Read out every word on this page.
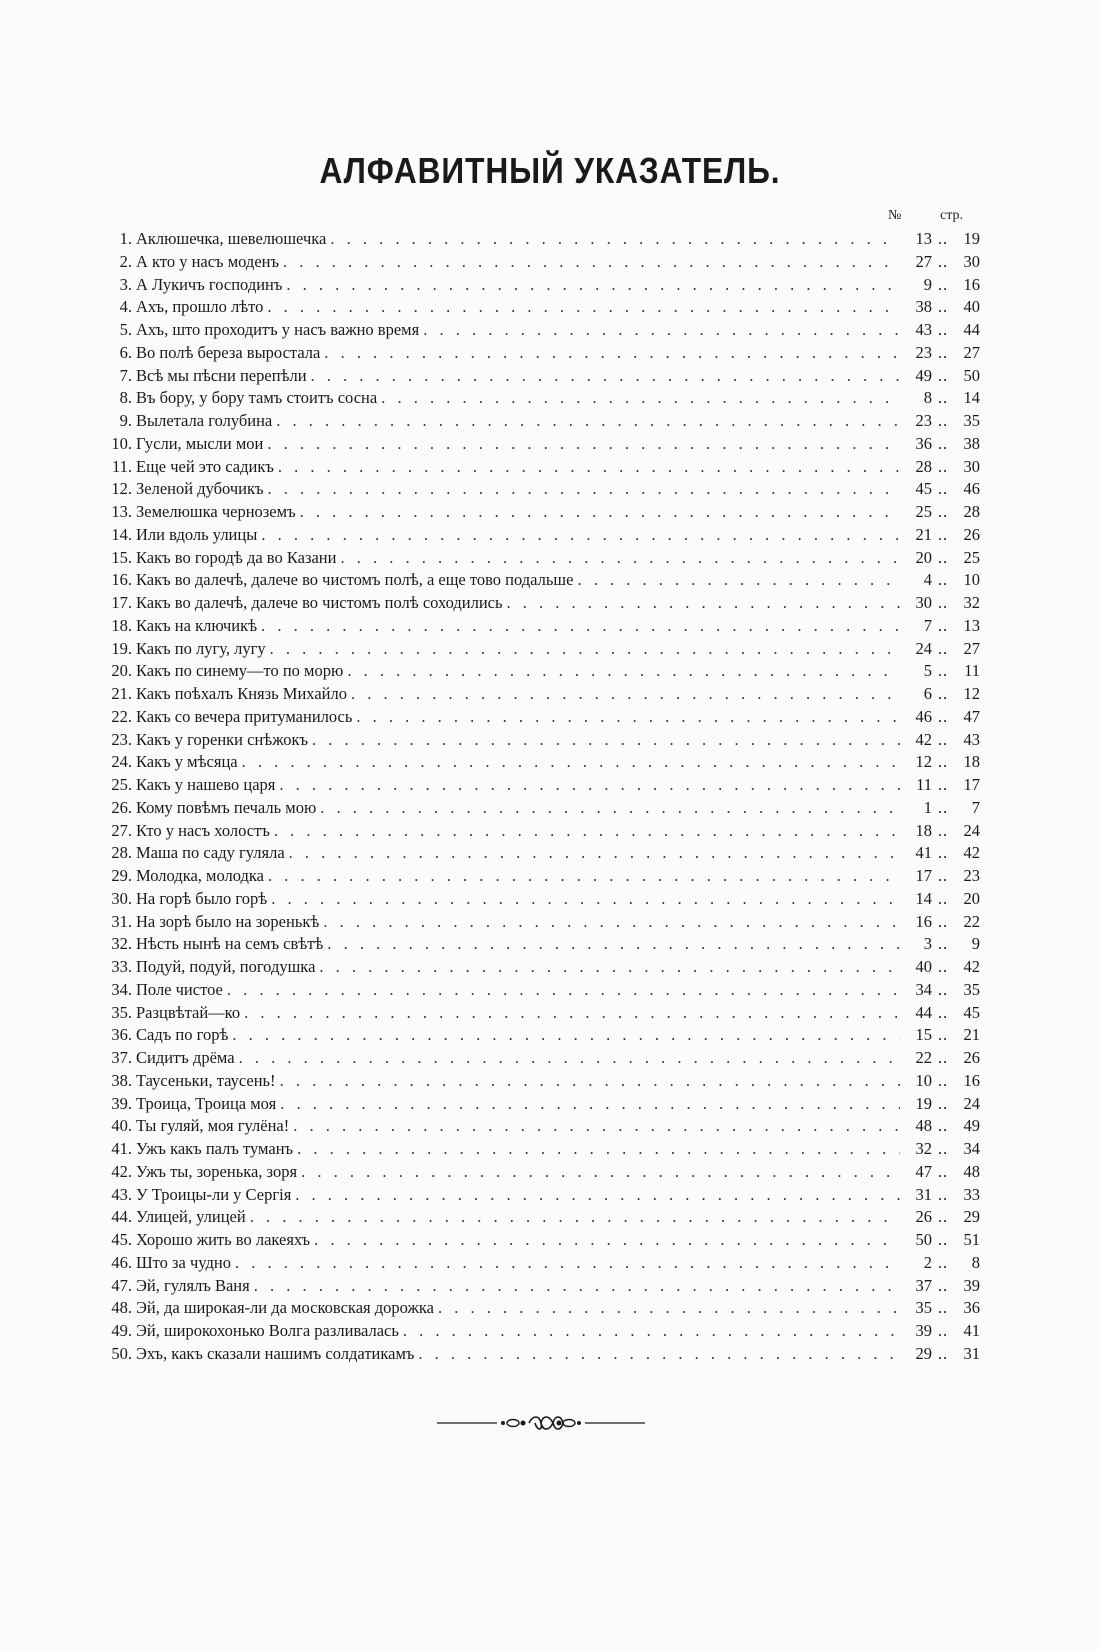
АЛФАВИТНЫЙ УКАЗАТЕЛЬ.
№	стр.
1. Аклюшечка, шевелюшечка . . .	13 .. 19
2. А кто у насъ моденъ . . .	27 .. 30
3. А Лукичъ господинъ . . .	9 .. 16
4. Ахъ, прошло лѣто . . .	38 .. 40
5. Ахъ, што проходитъ у насъ важно время . . .	43 .. 44
6. Во полѣ береза выростала . . .	23 .. 27
7. Всѣ мы пѣсни перепѣли . . .	49 .. 50
8. Въ бору, у бору тамъ стоитъ сосна . . .	8 .. 14
9. Вылетала голубина . . .	23 .. 35
10. Гусли, мысли мои . . .	36 .. 38
11. Еще чей это садикъ . . .	28 .. 30
12. Зеленой дубочикъ . . .	45 .. 46
13. Земелюшка черноземъ . . .	25 .. 28
14. Или вдоль улицы . . .	21 .. 26
15. Какъ во городѣ да во Казани . . .	20 .. 25
16. Какъ во далечѣ, далече во чистомъ полѣ, а еще тово подальше . . .	4 .. 10
17. Какъ во далечѣ, далече во чистомъ полѣ соходились . . .	30 .. 32
18. Какъ на ключикѣ . . .	7 .. 13
19. Какъ по лугу, лугу . . .	24 .. 27
20. Какъ по синему—то по морю . . .	5 .. 11
21. Какъ поѣхалъ Князь Михайло . . .	6 .. 12
22. Какъ со вечера притуманилось . . .	46 .. 47
23. Какъ у горенки снѣжокъ . . .	42 .. 43
24. Какъ у мѣсяца . . .	12 .. 18
25. Какъ у нашево царя . . .	11 .. 17
26. Кому повѣмъ печаль мою . . .	1 ..	7
27. Кто у насъ холостъ . . .	18 .. 24
28. Маша по саду гуляла . . .	41 .. 42
29. Молодка, молодка . . .	17 .. 23
30. На горѣ было горѣ . . .	14 .. 20
31. На зорѣ было на зоренькѣ . . .	16 .. 22
32. Нѣсть нынѣ на семъ свѣтѣ . . .	3 ..	9
33. Подуй, подуй, погодушка . . .	40 .. 42
34. Поле чистое . . .	34 .. 35
35. Разцвѣтай—ко . . .	44 .. 45
36. Садъ по горѣ . . .	15 .. 21
37. Сидитъ дрёма . . .	22 .. 26
38. Таусеньки, таусень! . . .	10 .. 16
39. Троица, Троица моя . . .	19 .. 24
40. Ты гуляй, моя гулёна! . . .	48 .. 49
41. Ужъ какъ палъ туманъ . . .	32 .. 34
42. Ужъ ты, зоренька, зоря . . .	47 .. 48
43. У Троицы-ли у Сергія . . .	31 .. 33
44. Улицей, улицей . . .	26 .. 29
45. Хорошо жить во лакеяхъ . . .	50 .. 51
46. Што за чудно . . .	2 ..	8
47. Эй, гулялъ Ваня . . .	37 .. 39
48. Эй, да широкая-ли да московская дорожка . . .	35 .. 36
49. Эй, широкохонько Волга разливалась . . .	39 .. 41
50. Эхъ, какъ сказали нашимъ солдатикамъ . . .	29 .. 31
